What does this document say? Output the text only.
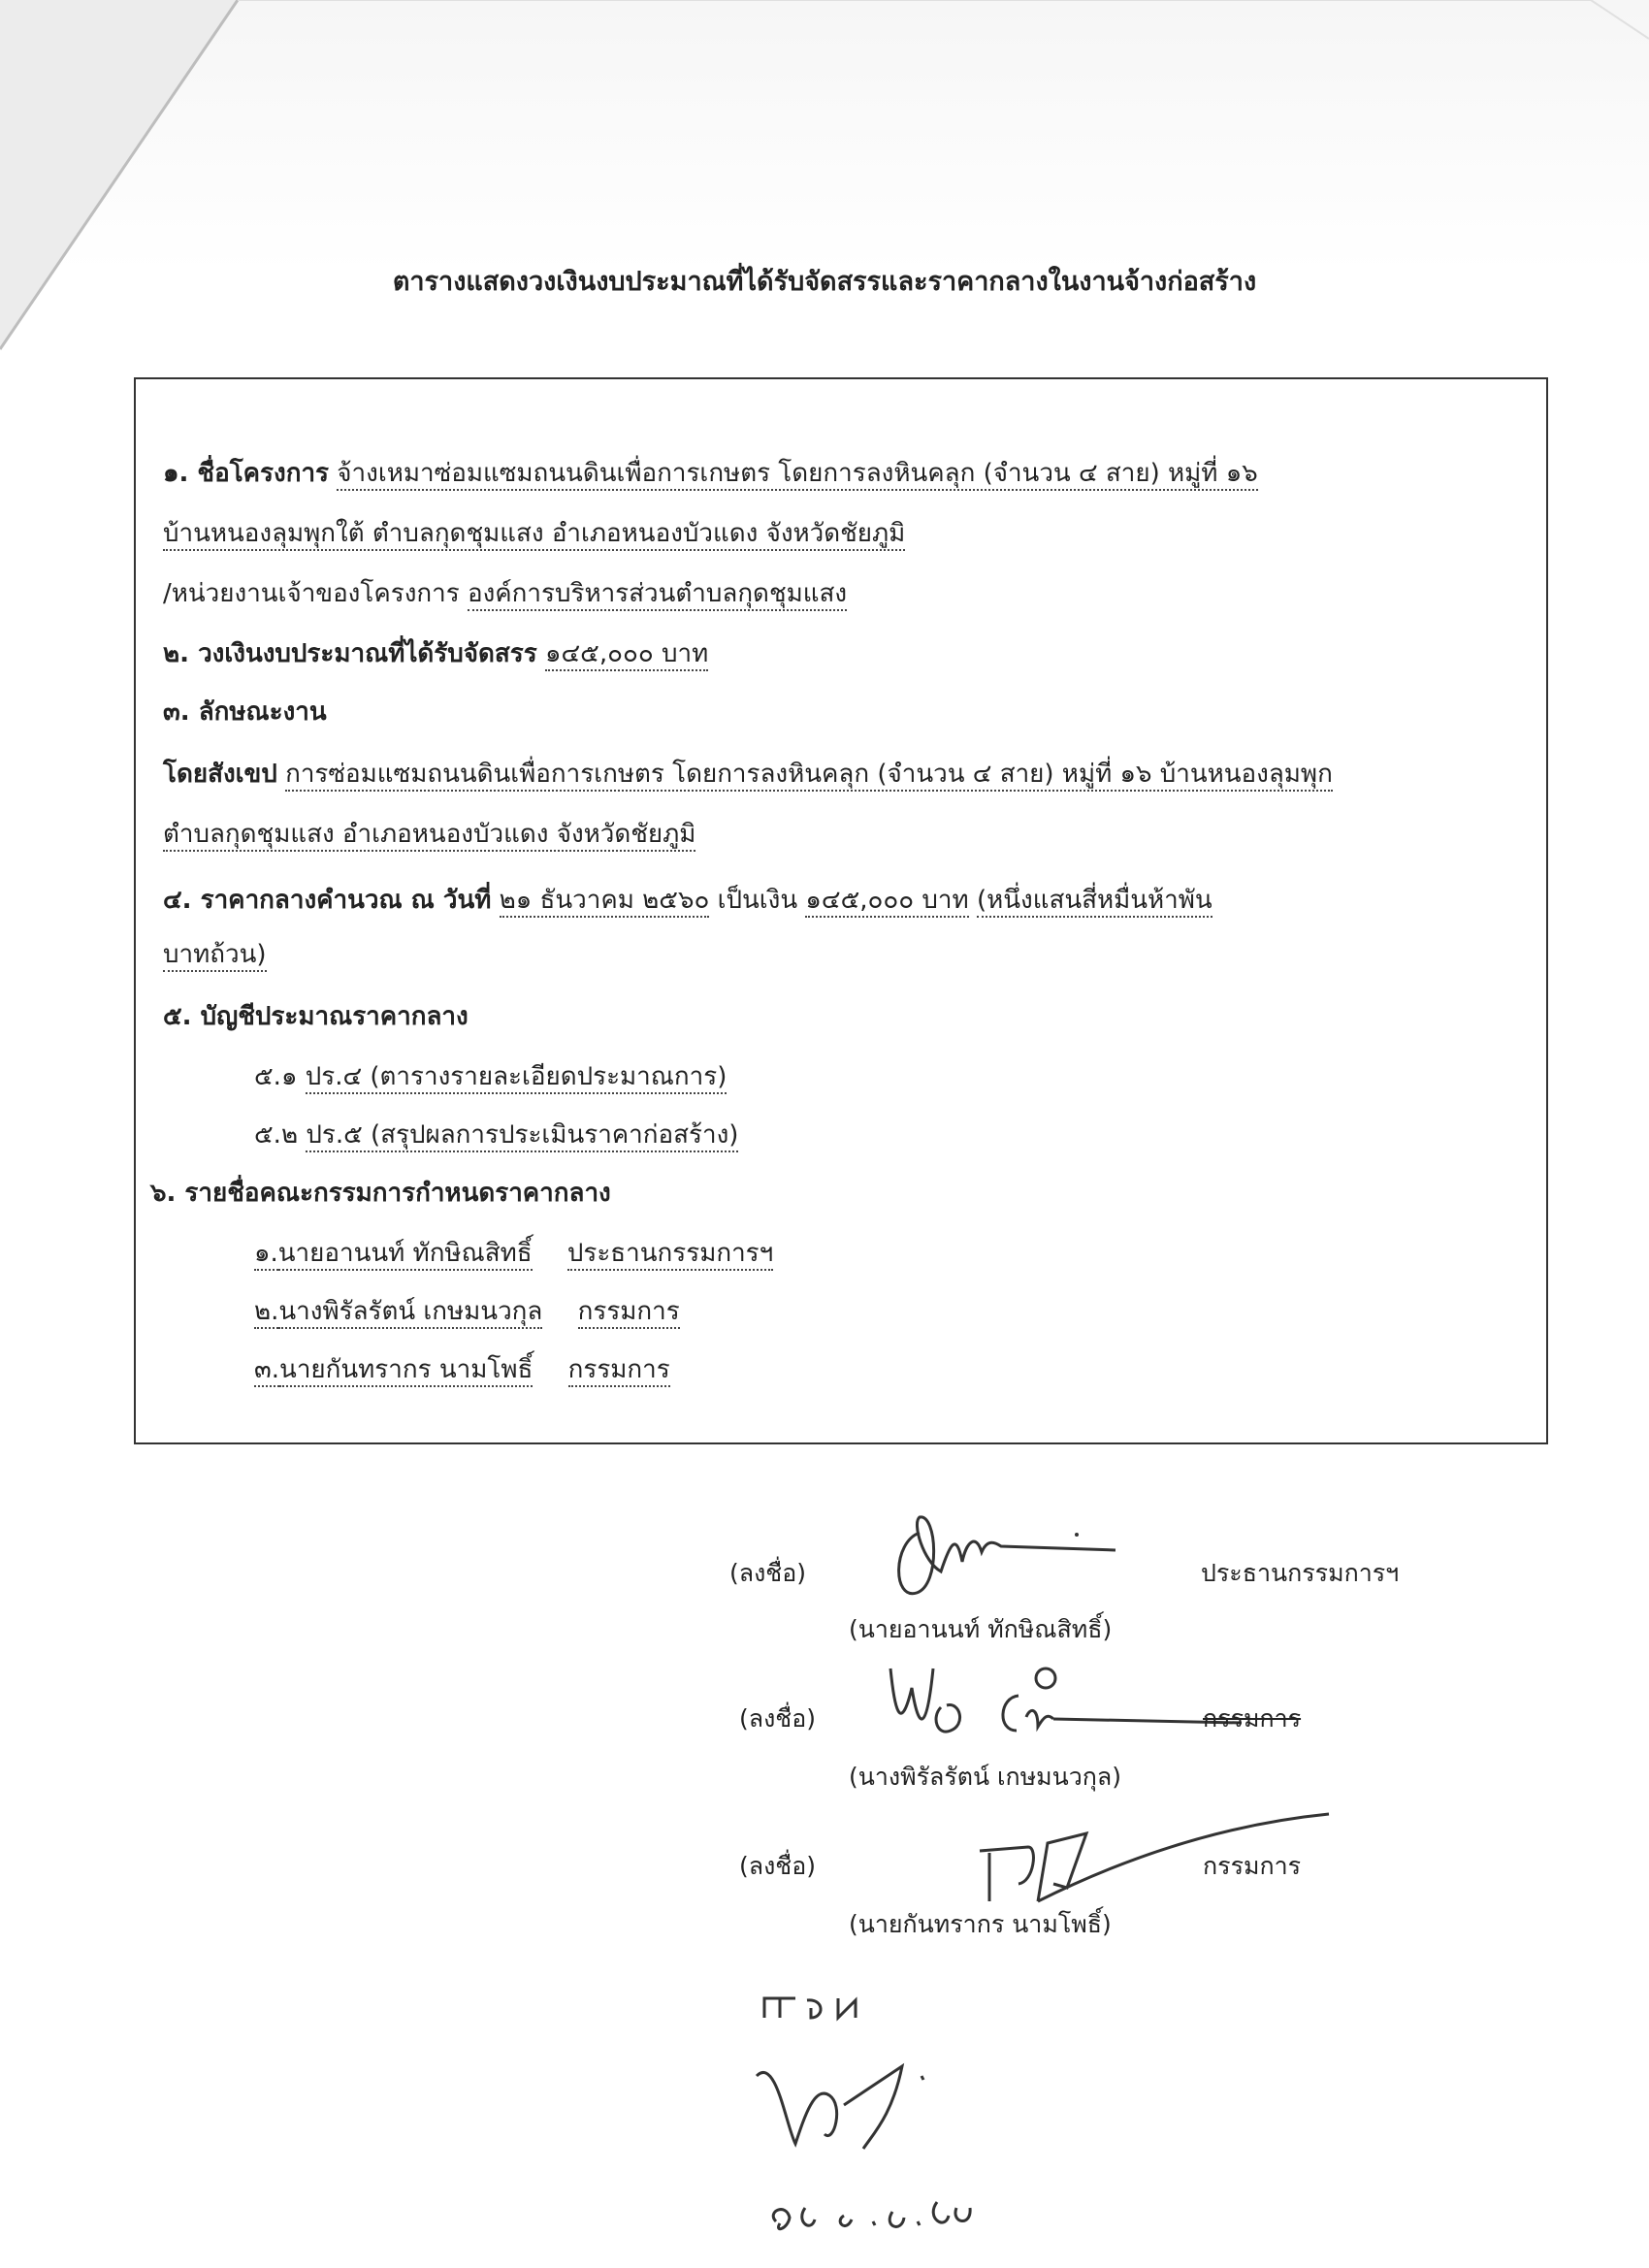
ตารางแสดงวงเงินงบประมาณที่ได้รับจัดสรรและราคากลางในงานจ้างก่อสร้าง
๑. ชื่อโครงการ จ้างเหมาซ่อมแซมถนนดินเพื่อการเกษตร โดยการลงหินคลุก (จำนวน ๔ สาย) หมู่ที่ ๑๖
บ้านหนองลุมพุกใต้ ตำบลกุดชุมแสง อำเภอหนองบัวแดง จังหวัดชัยภูมิ
/หน่วยงานเจ้าของโครงการ องค์การบริหารส่วนตำบลกุดชุมแสง
๒. วงเงินงบประมาณที่ได้รับจัดสรร ๑๔๕,๐๐๐ บาท
๓. ลักษณะงาน
โดยสังเขป การซ่อมแซมถนนดินเพื่อการเกษตร โดยการลงหินคลุก (จำนวน ๔ สาย) หมู่ที่ ๑๖ บ้านหนองลุมพุก
ตำบลกุดชุมแสง อำเภอหนองบัวแดง จังหวัดชัยภูมิ
๔. ราคากลางคำนวณ ณ วันที่ ๒๑ ธันวาคม ๒๕๖๐ เป็นเงิน ๑๔๕,๐๐๐ บาท (หนึ่งแสนสี่หมื่นห้าพัน
บาทถ้วน)
๕. บัญชีประมาณราคากลาง
๕.๑ ปร.๔ (ตารางรายละเอียดประมาณการ)
๕.๒ ปร.๕ (สรุปผลการประเมินราคาก่อสร้าง)
๖. รายชื่อคณะกรรมการกำหนดราคากลาง
๑.นายอานนท์ ทักษิณสิทธิ์ ประธานกรรมการฯ
๒.นางพิรัลรัตน์ เกษมนวกุล กรรมการ
๓.นายกันทรากร นามโพธิ์ กรรมการ
(ลงชื่อ)	ประธานกรรมการฯ
(นายอานนท์ ทักษิณสิทธิ์)
(ลงชื่อ)	กรรมการ
(นางพิรัลรัตน์ เกษมนวกุล)
(ลงชื่อ)	กรรมการ
(นายกันทรากร นามโพธิ์)
